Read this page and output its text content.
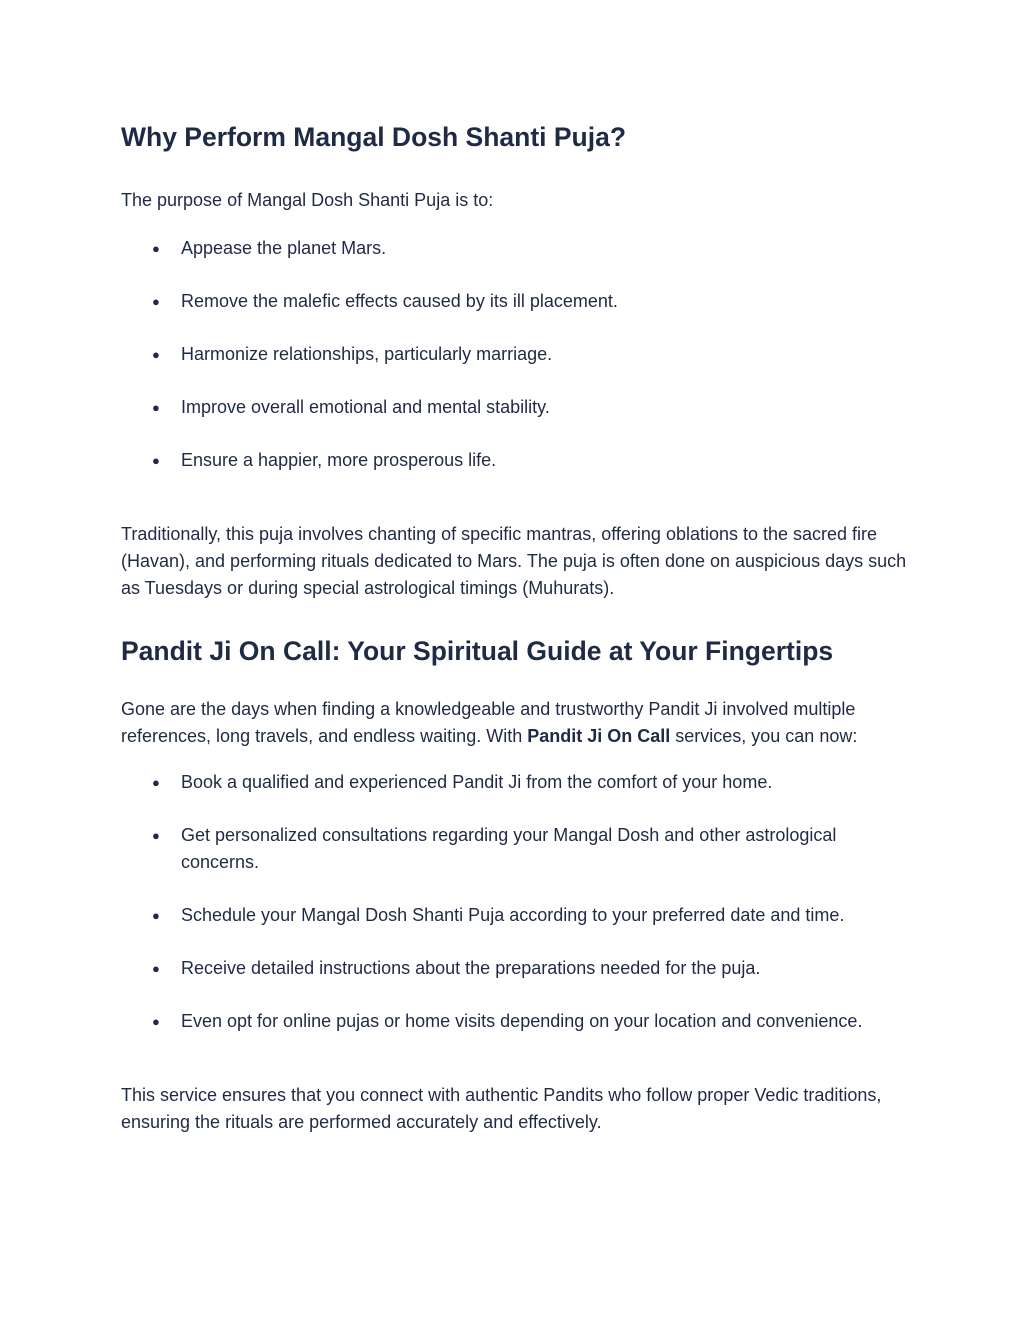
Why Perform Mangal Dosh Shanti Puja?

The purpose of Mangal Dosh Shanti Puja is to:

● Appease the planet Mars.
● Remove the malefic effects caused by its ill placement.
● Harmonize relationships, particularly marriage.
● Improve overall emotional and mental stability.
● Ensure a happier, more prosperous life.

Traditionally, this puja involves chanting of specific mantras, offering oblations to the sacred fire (Havan), and performing rituals dedicated to Mars. The puja is often done on auspicious days such as Tuesdays or during special astrological timings (Muhurats).

Pandit Ji On Call: Your Spiritual Guide at Your Fingertips

Gone are the days when finding a knowledgeable and trustworthy Pandit Ji involved multiple references, long travels, and endless waiting. With Pandit Ji On Call services, you can now:

● Book a qualified and experienced Pandit Ji from the comfort of your home.
● Get personalized consultations regarding your Mangal Dosh and other astrological concerns.
● Schedule your Mangal Dosh Shanti Puja according to your preferred date and time.
● Receive detailed instructions about the preparations needed for the puja.
● Even opt for online pujas or home visits depending on your location and convenience.

This service ensures that you connect with authentic Pandits who follow proper Vedic traditions, ensuring the rituals are performed accurately and effectively.
